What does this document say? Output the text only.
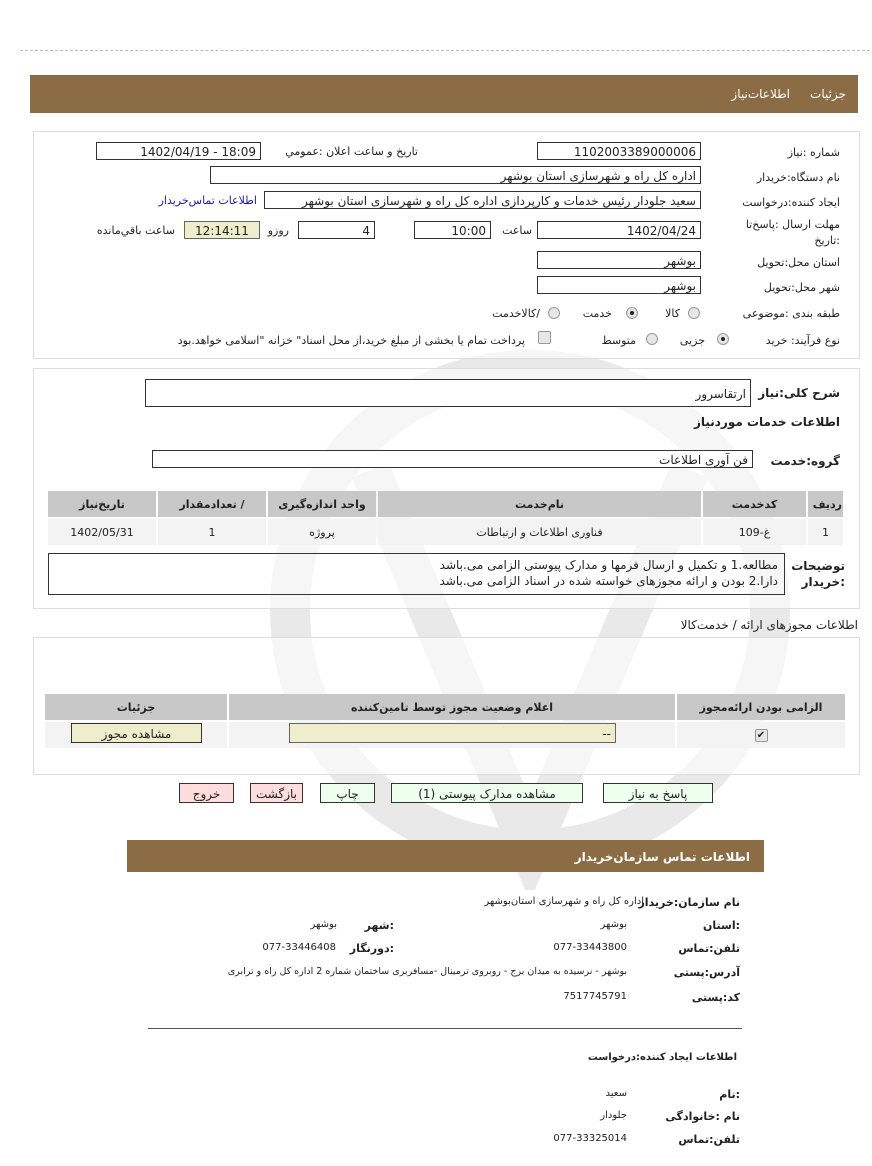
جزئیات
اطلاعات‌نیاز
شماره :نیاز
1102003389000006
تاریخ و ساعت اعلان :عمومي
1402/04/19 - 18:09
نام دستگاه:خریدار
اداره کل راه و شهرسازی استان بوشهر
ایجاد کننده:درخواست
سعید جلودار رئیس خدمات و کارپردازی اداره کل راه و شهرسازی استان بوشهر
اطلاعات تماس‌خریدار
مهلت ارسال :پاسخ‌تا
:تاریخ
1402/04/24
ساعت
10:00
4
روزو
12:14:11
ساعت باقي‌مانده
استان محل:تحویل
بوشهر
شهر محل:تحویل
بوشهر
طبقه بندی :موضوعی
کالا
خدمت
/کالاخدمت
نوع فرآیند: خرید
جزیی
متوسط
پرداخت تمام یا بخشی از مبلغ خرید،از محل اسناد" خزانه "اسلامی خواهد.بود
شرح کلی:نیاز
ارتقاسرور
اطلاعات خدمات موردنیاز
گروه:خدمت
فن آوری اطلاعات
ردیف	کدخدمت	نام‌خدمت	واحد اندازه‌گیری	/ تعدادمقدار	تاریخ‌نیاز
1	غ-109	فناوری اطلاعات و ارتباطات	پروژه	1	1402/05/31
توضیحات :خریدار
مطالعه.1 و تکمیل و ارسال فرمها و مدارک پیوستی الزامی می.باشد
دارا.2 بودن و ارائه مجوزهای خواسته شده در اسناد الزامی می.باشد
اطلاعات مجوزهای ارائه / خدمت‌کالا
الزامی بودن ارائه‌مجوز	اعلام وضعیت مجوز توسط تامین‌کننده	جزئیات
✔		
--
مشاهده مجوز
پاسخ به نیاز
مشاهده مدارک پیوستی (1)
چاپ
بازگشت
خروج
اطلاعات تماس سازمان‌خریدار
نام سازمان:خریدار
اداره کل راه و شهرسازی استان‌بوشهر
:استان
بوشهر
:شهر
بوشهر
تلفن:تماس
077-33443800
:دورنگار
077-33446408
آدرس:پستی
بوشهر - نرسیده به میدان برج - روبروی ترمینال -مسافربری ساختمان شماره 2 اداره کل راه و ترابری
کد:پستی
7517745791
اطلاعات ایجاد کننده:درخواست
:نام
سعید
نام :خانوادگی
جلودار
تلفن:تماس
077-33325014
